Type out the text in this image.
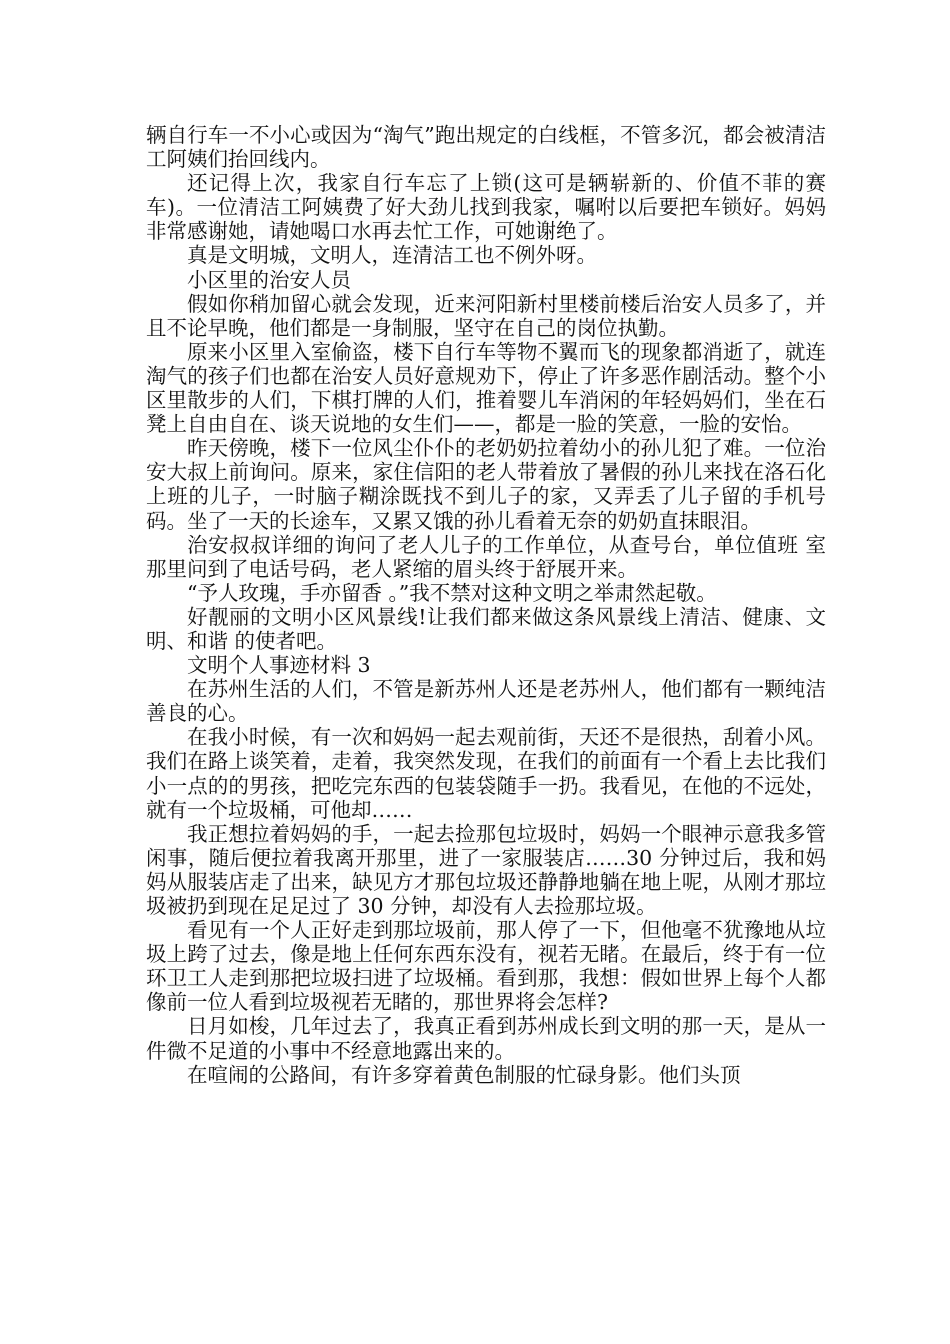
辆自行车一不小心或因为“淘气”跑出规定的白线框，不管多沉，都会被清洁工阿姨们抬回线内。

还记得上次，我家自行车忘了上锁(这可是辆崭新的、价值不菲的赛车)。一位清洁工阿姨费了好大劲儿找到我家，嘱咐以后要把车锁好。妈妈非常感谢她，请她喝口水再去忙工作，可她谢绝了。

真是文明城，文明人，连清洁工也不例外呀。

小区里的治安人员

假如你稍加留心就会发现，近来河阳新村里楼前楼后治安人员多了，并且不论早晚，他们都是一身制服，坚守在自己的岗位执勤。

原来小区里入室偷盗，楼下自行车等物不翼而飞的现象都消逝了，就连淘气的孩子们也都在治安人员好意规劝下，停止了许多恶作剧活动。整个小区里散步的人们，下棋打牌的人们，推着婴儿车消闲的年轻妈妈们，坐在石凳上自由自在、谈天说地的女生们——，都是一脸的笑意，一脸的安怡。

昨天傍晚，楼下一位风尘仆仆的老奶奶拉着幼小的孙儿犯了难。一位治安大叔上前询问。原来，家住信阳的老人带着放了暑假的孙儿来找在洛石化上班的儿子，一时脑子糊涂既找不到儿子的家，又弄丢了儿子留的手机号码。坐了一天的长途车，又累又饿的孙儿看着无奈的奶奶直抹眼泪。

治安叔叔详细的询问了老人儿子的工作单位，从查号台，单位值班 室那里问到了电话号码，老人紧缩的眉头终于舒展开来。

“予人玫瑰，手亦留香 。”我不禁对这种文明之举肃然起敬。

好靓丽的文明小区风景线!让我们都来做这条风景线上清洁、健康、文明、和谐 的使者吧。

文明个人事迹材料 3

在苏州生活的人们，不管是新苏州人还是老苏州人，他们都有一颗纯洁善良的心。

在我小时候，有一次和妈妈一起去观前街，天还不是很热，刮着小风。我们在路上谈笑着，走着，我突然发现，在我们的前面有一个看上去比我们小一点的的男孩，把吃完东西的包装袋随手一扔。我看见，在他的不远处，就有一个垃圾桶，可他却……

我正想拉着妈妈的手，一起去捡那包垃圾时，妈妈一个眼神示意我多管闲事，随后便拉着我离开那里，进了一家服装店……30 分钟过后，我和妈妈从服装店走了出来，缺见方才那包垃圾还静静地躺在地上呢，从刚才那垃圾被扔到现在足足过了 30 分钟，却没有人去捡那垃圾。

看见有一个人正好走到那垃圾前，那人停了一下，但他毫不犹豫地从垃圾上跨了过去，像是地上任何东西东没有，视若无睹。在最后，终于有一位环卫工人走到那把垃圾扫进了垃圾桶。看到那，我想：假如世界上每个人都像前一位人看到垃圾视若无睹的，那世界将会怎样?

日月如梭，几年过去了，我真正看到苏州成长到文明的那一天，是从一件微不足道的小事中不经意地露出来的。

在喧闹的公路间，有许多穿着黄色制服的忙碌身影。他们头顶
